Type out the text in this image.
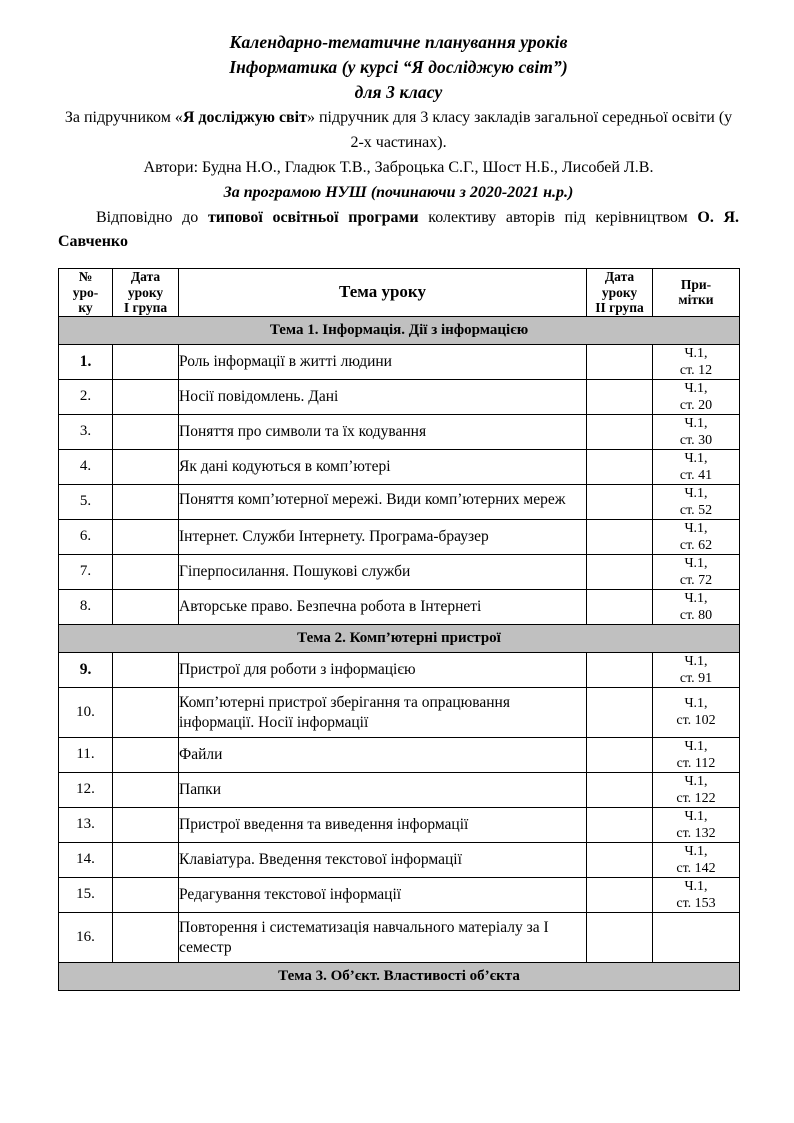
Календарно-тематичне планування уроків
Інформатика (у курсі “Я досліджую світ”)
для 3 класу
За підручником «Я досліджую світ» підручник для 3 класу закладів загальної середньої освіти (у 2-х частинах).
Автори: Будна Н.О., Гладюк Т.В., Заброцька С.Г., Шост Н.Б., Лисобей Л.В.
За програмою НУШ (починаючи з 2020-2021 н.р.)
Відповідно до типової освітньої програми колективу авторів під керівництвом О. Я. Савченко
№
уро-
ку	Дата
уроку
I група	Тема уроку	Дата
уроку
II група	При-
мітки
Тема 1. Інформація. Дії з інформацією				
1.		Роль інформації в житті людини		Ч.1,
ст. 12

2.		Носії повідомлень. Дані		Ч.1,
ст. 20

3.		Поняття про символи та їх кодування		Ч.1,
ст. 30

4.		Як дані кодуються в комп’ютері		Ч.1,
ст. 41

5.		Поняття комп’ютерної мережі. Види комп’ютерних мереж		Ч.1,
ст. 52

6.		Інтернет. Служби Інтернету. Програма-браузер		Ч.1,
ст. 62

7.		Гіперпосилання. Пошукові служби		Ч.1,
ст. 72

8.		Авторське право. Безпечна робота в Інтернеті		Ч.1,
ст. 80

Тема 2. Комп’ютерні пристрої				
9.		Пристрої для роботи з інформацією		Ч.1,
ст. 91

10.		Комп’ютерні пристрої зберігання та опрацювання інформації. Носії інформації		Ч.1,
ст. 102

11.		Файли		Ч.1,
ст. 112

12.		Папки		Ч.1,
ст. 122

13.		Пристрої введення та виведення інформації		Ч.1,
ст. 132

14.		Клавіатура. Введення текстової інформації		Ч.1,
ст. 142

15.		Редагування текстової інформації		Ч.1,
ст. 153

16.		Повторення і систематизація навчального матеріалу за I семестр		

Тема 3. Об’єкт. Властивості об’єкта				
